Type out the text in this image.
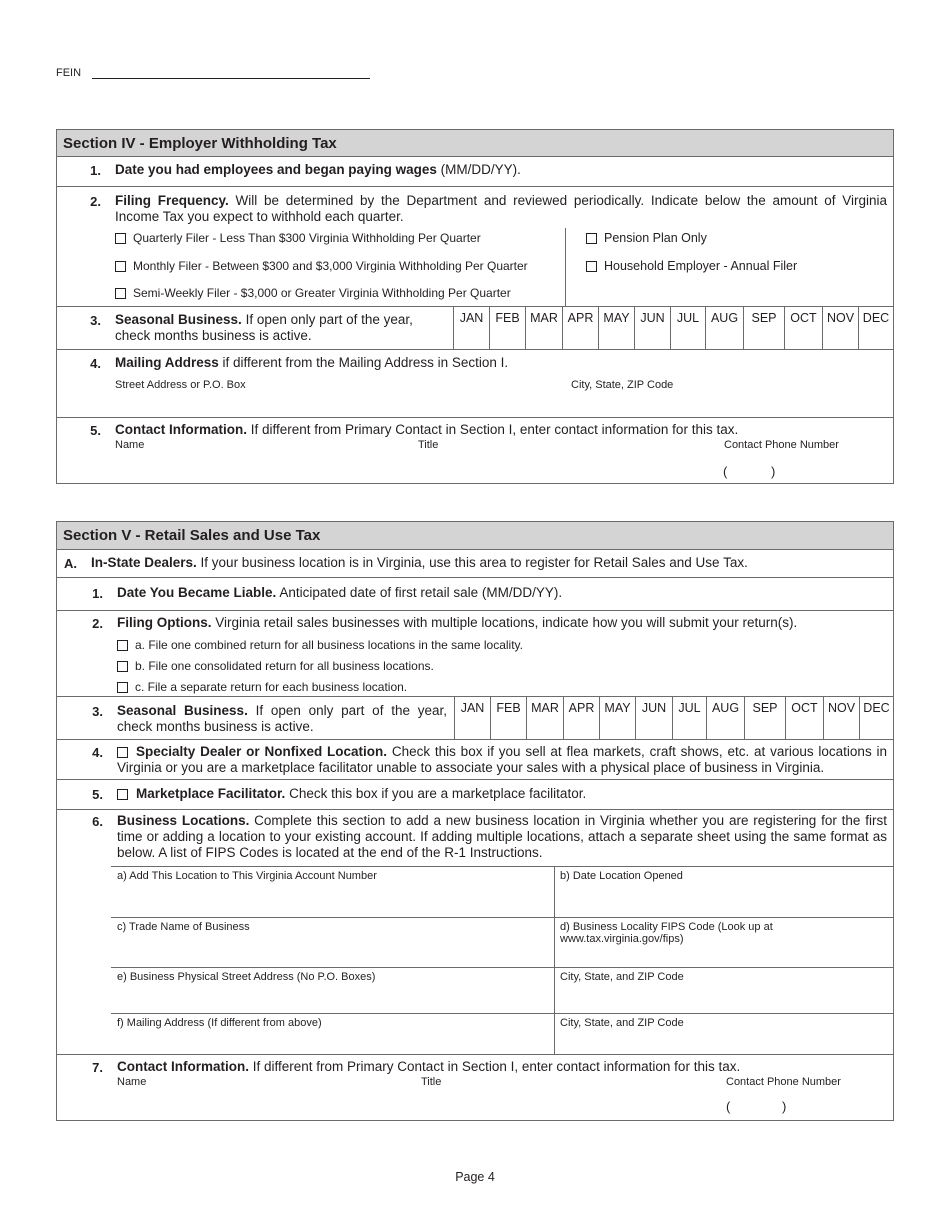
FEIN
Section IV - Employer Withholding Tax
1. Date you had employees and began paying wages (MM/DD/YY).
2. Filing Frequency. Will be determined by the Department and reviewed periodically. Indicate below the amount of Virginia Income Tax you expect to withhold each quarter.
Quarterly Filer - Less Than $300 Virginia Withholding Per Quarter
Monthly Filer - Between $300 and $3,000 Virginia Withholding Per Quarter
Semi-Weekly Filer - $3,000 or Greater Virginia Withholding Per Quarter
Pension Plan Only
Household Employer - Annual Filer
3. Seasonal Business. If open only part of the year, check months business is active.
JAN FEB MAR APR MAY JUN JUL AUG	SEP	OCT NOV DEC
4. Mailing Address if different from the Mailing Address in Section I.
Street Address or P.O. Box	City, State, ZIP Code
5. Contact Information. If different from Primary Contact in Section I, enter contact information for this tax.
Name	Title	Contact Phone Number
(	)
Section V - Retail Sales and Use Tax
A. In-State Dealers. If your business location is in Virginia, use this area to register for Retail Sales and Use Tax.
1. Date You Became Liable. Anticipated date of first retail sale (MM/DD/YY).
2. Filing Options. Virginia retail sales businesses with multiple locations, indicate how you will submit your return(s).
a. File one combined return for all business locations in the same locality.
b. File one consolidated return for all business locations.
c. File a separate return for each business location.
3. Seasonal Business. If open only part of the year, check months business is active.
JAN FEB MAR APR MAY JUN JUL AUG	SEP	OCT NOV DEC
4.	Specialty Dealer or Nonfixed Location. Check this box if you sell at flea markets, craft shows, etc. at various locations in Virginia or you are a marketplace facilitator unable to associate your sales with a physical place of business in Virginia.
5.	Marketplace Facilitator. Check this box if you are a marketplace facilitator.
6. Business Locations. Complete this section to add a new business location in Virginia whether you are registering for the first time or adding a location to your existing account. If adding multiple locations, attach a separate sheet using the same format as below. A list of FIPS Codes is located at the end of the R-1 Instructions.
a) Add This Location to This Virginia Account Number	b) Date Location Opened
c) Trade Name of Business	d) Business Locality FIPS Code (Look up at www.tax.virginia.gov/fips)
e) Business Physical Street Address (No P.O. Boxes)	City, State, and ZIP Code
f) Mailing Address (If different from above)	City, State, and ZIP Code
7. Contact Information. If different from Primary Contact in Section I, enter contact information for this tax.
Name	Title	Contact Phone Number
(	)
Page 4
